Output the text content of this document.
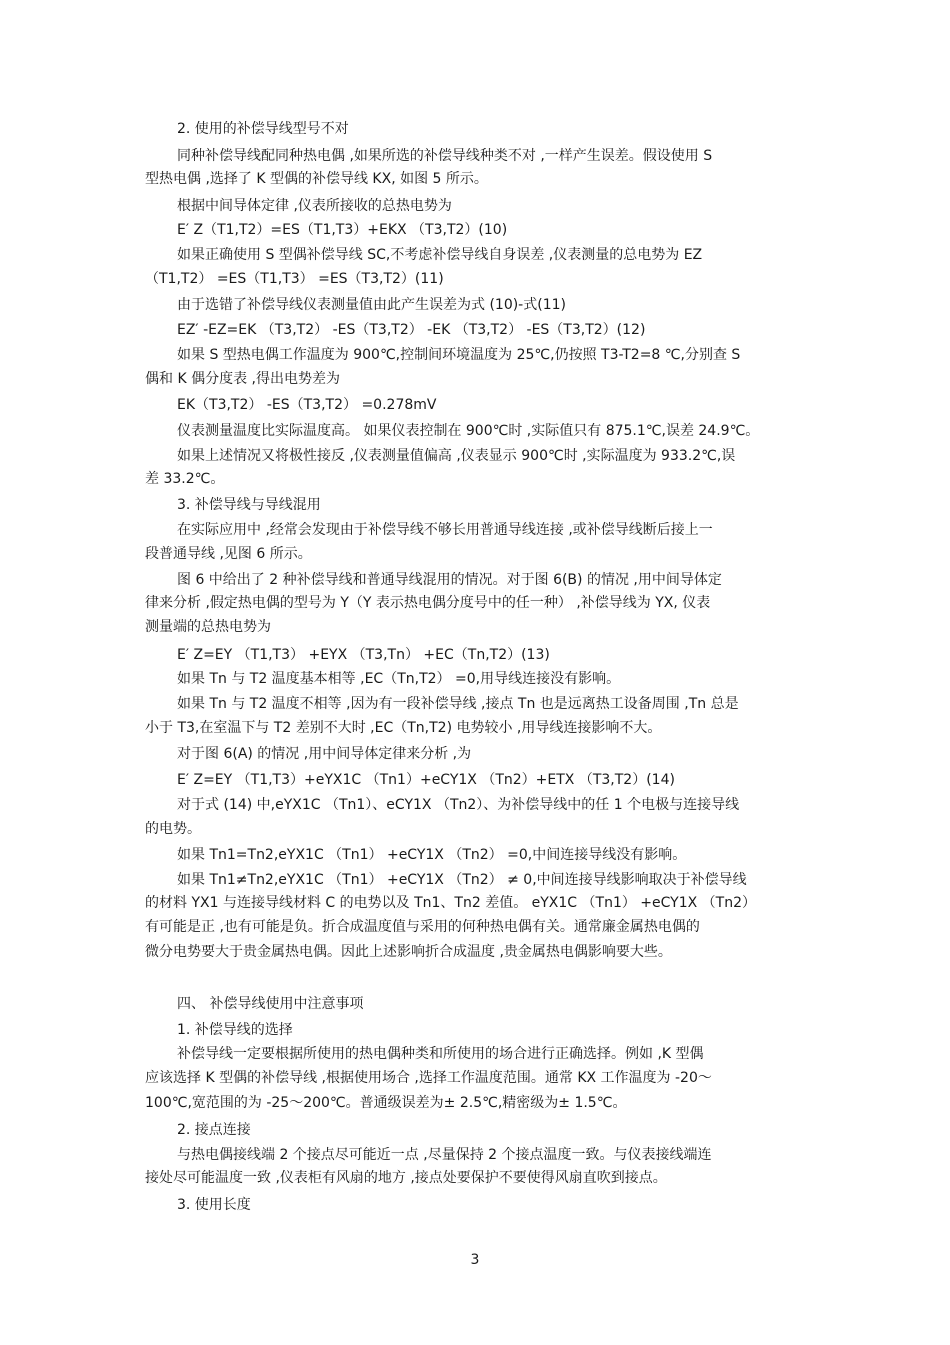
2. 使用的补偿导线型号不对
同种补偿导线配同种热电偶 ,如果所选的补偿导线种类不对 ,一样产生误差。假设使用 S
型热电偶 ,选择了 K 型偶的补偿导线 KX, 如图 5 所示。
根据中间导体定律 ,仪表所接收的总热电势为
E′ Z（T1,T2）=ES（T1,T3）+EKX （T3,T2）(10)
如果正确使用 S 型偶补偿导线 SC,不考虑补偿导线自身误差 ,仪表测量的总电势为 EZ
（T1,T2） =ES（T1,T3） =ES（T3,T2）(11)
由于选错了补偿导线仪表测量值由此产生误差为式 (10)-式(11)
EZ′ -EZ=EK （T3,T2） -ES（T3,T2） -EK （T3,T2） -ES（T3,T2）(12)
如果 S 型热电偶工作温度为 900℃,控制间环境温度为 25℃,仍按照 T3-T2=8 ℃,分别查 S
偶和 K 偶分度表 ,得出电势差为
EK（T3,T2） -ES（T3,T2） =0.278mV
仪表测量温度比实际温度高。 如果仪表控制在 900℃时 ,实际值只有 875.1℃,误差 24.9℃。
如果上述情况又将极性接反 ,仪表测量值偏高 ,仪表显示 900℃时 ,实际温度为 933.2℃,误
差 33.2℃。
3. 补偿导线与导线混用
在实际应用中 ,经常会发现由于补偿导线不够长用普通导线连接 ,或补偿导线断后接上一
段普通导线 ,见图 6 所示。
图 6 中给出了 2 种补偿导线和普通导线混用的情况。对于图 6(B) 的情况 ,用中间导体定
律来分析 ,假定热电偶的型号为 Y（Y 表示热电偶分度号中的任一种） ,补偿导线为 YX, 仪表
测量端的总热电势为
E′ Z=EY （T1,T3） +EYX （T3,Tn） +EC（Tn,T2）(13)
如果 Tn 与 T2 温度基本相等 ,EC（Tn,T2） =0,用导线连接没有影响。
如果 Tn 与 T2 温度不相等 ,因为有一段补偿导线 ,接点 Tn 也是远离热工设备周围 ,Tn 总是
小于 T3,在室温下与 T2 差别不大时 ,EC（Tn,T2) 电势较小 ,用导线连接影响不大。
对于图 6(A) 的情况 ,用中间导体定律来分析 ,为
E′ Z=EY （T1,T3）+eYX1C （Tn1）+eCY1X （Tn2）+ETX （T3,T2）(14)
对于式 (14) 中,eYX1C （Tn1）、eCY1X （Tn2）、为补偿导线中的任 1 个电极与连接导线
的电势。
如果 Tn1=Tn2,eYX1C （Tn1） +eCY1X （Tn2） =0,中间连接导线没有影响。
如果 Tn1≠Tn2,eYX1C （Tn1） +eCY1X （Tn2） ≠ 0,中间连接导线影响取决于补偿导线
的材料 YX1 与连接导线材料 C 的电势以及 Tn1、Tn2 差值。 eYX1C （Tn1） +eCY1X （Tn2）
有可能是正 ,也有可能是负。折合成温度值与采用的何种热电偶有关。通常廉金属热电偶的
微分电势要大于贵金属热电偶。因此上述影响折合成温度 ,贵金属热电偶影响要大些。
四、 补偿导线使用中注意事项
1. 补偿导线的选择
补偿导线一定要根据所使用的热电偶种类和所使用的场合进行正确选择。例如 ,K 型偶
应该选择 K 型偶的补偿导线 ,根据使用场合 ,选择工作温度范围。通常 KX 工作温度为 -20～
100℃,宽范围的为 -25～200℃。普通级误差为± 2.5℃,精密级为± 1.5℃。
2. 接点连接
与热电偶接线端 2 个接点尽可能近一点 ,尽量保持 2 个接点温度一致。与仪表接线端连
接处尽可能温度一致 ,仪表柜有风扇的地方 ,接点处要保护不要使得风扇直吹到接点。
3. 使用长度
3
